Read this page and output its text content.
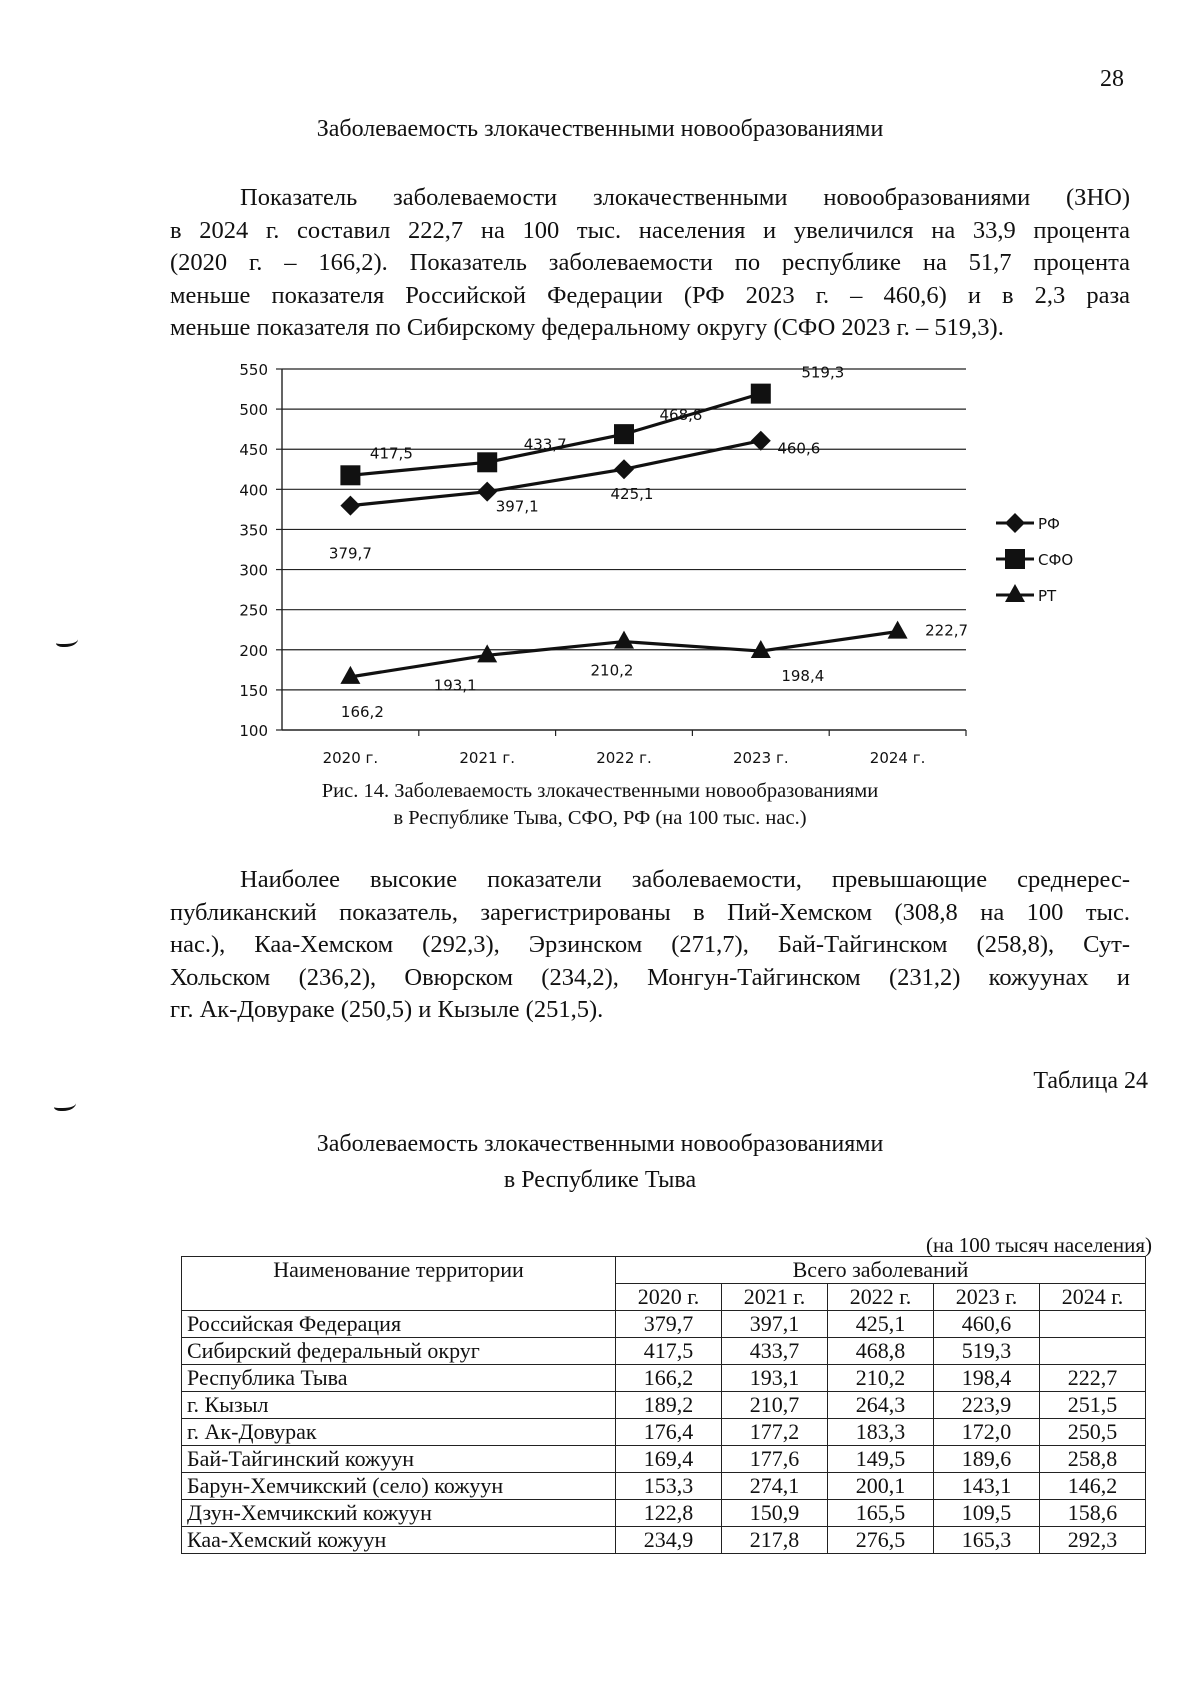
28
Заболеваемость злокачественными новообразованиями
Показатель заболеваемости злокачественными новообразованиями (ЗНО)
в 2024 г. составил 222,7 на 100 тыс. населения и увеличился на 33,9 процента
(2020 г. – 166,2). Показатель заболеваемости по республике на 51,7 процента
меньше показателя Российской Федерации (РФ 2023 г. – 460,6) и в 2,3 раза
меньше показателя по Сибирскому федеральному округу (СФО 2023 г. – 519,3).
550
500
450
400
350
300
250
200
150
100
2020 г.	2021 г.	2022 г.	2023 г.	2024 г.
379,7
397,1
425,1
460,6
417,5	433,7
468,8
519,3
166,2
193,1
210,2	198,4
222,7
РФ
СФО
РТ
Рис. 14. Заболеваемость злокачественными новообразованиями
в Республике Тыва, СФО, РФ (на 100 тыс. нас.)
Наиболее высокие показатели заболеваемости, превышающие среднерес-
публиканский показатель, зарегистрированы в Пий-Хемском (308,8 на 100 тыс.
нас.), Каа-Хемском (292,3), Эрзинском (271,7), Бай-Тайгинском (258,8), Сут-
Хольском (236,2), Овюрском (234,2), Монгун-Тайгинском (231,2) кожуунах и
гг. Ак-Довураке (250,5) и Кызыле (251,5).
Таблица 24
Заболеваемость злокачественными новообразованиями
в Республике Тыва
(на 100 тысяч населения)
Наименование территории	Всего заболеваний				
	2020 г.	2021 г.	2022 г.	2023 г.	2024 г.
Российская Федерация	379,7	397,1	425,1	460,6	
Сибирский федеральный округ	417,5	433,7	468,8	519,3	
Республика Тыва	166,2	193,1	210,2	198,4	222,7
г. Кызыл	189,2	210,7	264,3	223,9	251,5
г. Ак-Довурак	176,4	177,2	183,3	172,0	250,5
Бай-Тайгинский кожуун	169,4	177,6	149,5	189,6	258,8
Барун-Хемчикский (село) кожуун	153,3	274,1	200,1	143,1	146,2
Дзун-Хемчикский кожуун	122,8	150,9	165,5	109,5	158,6
Каа-Хемский кожуун	234,9	217,8	276,5	165,3	292,3
